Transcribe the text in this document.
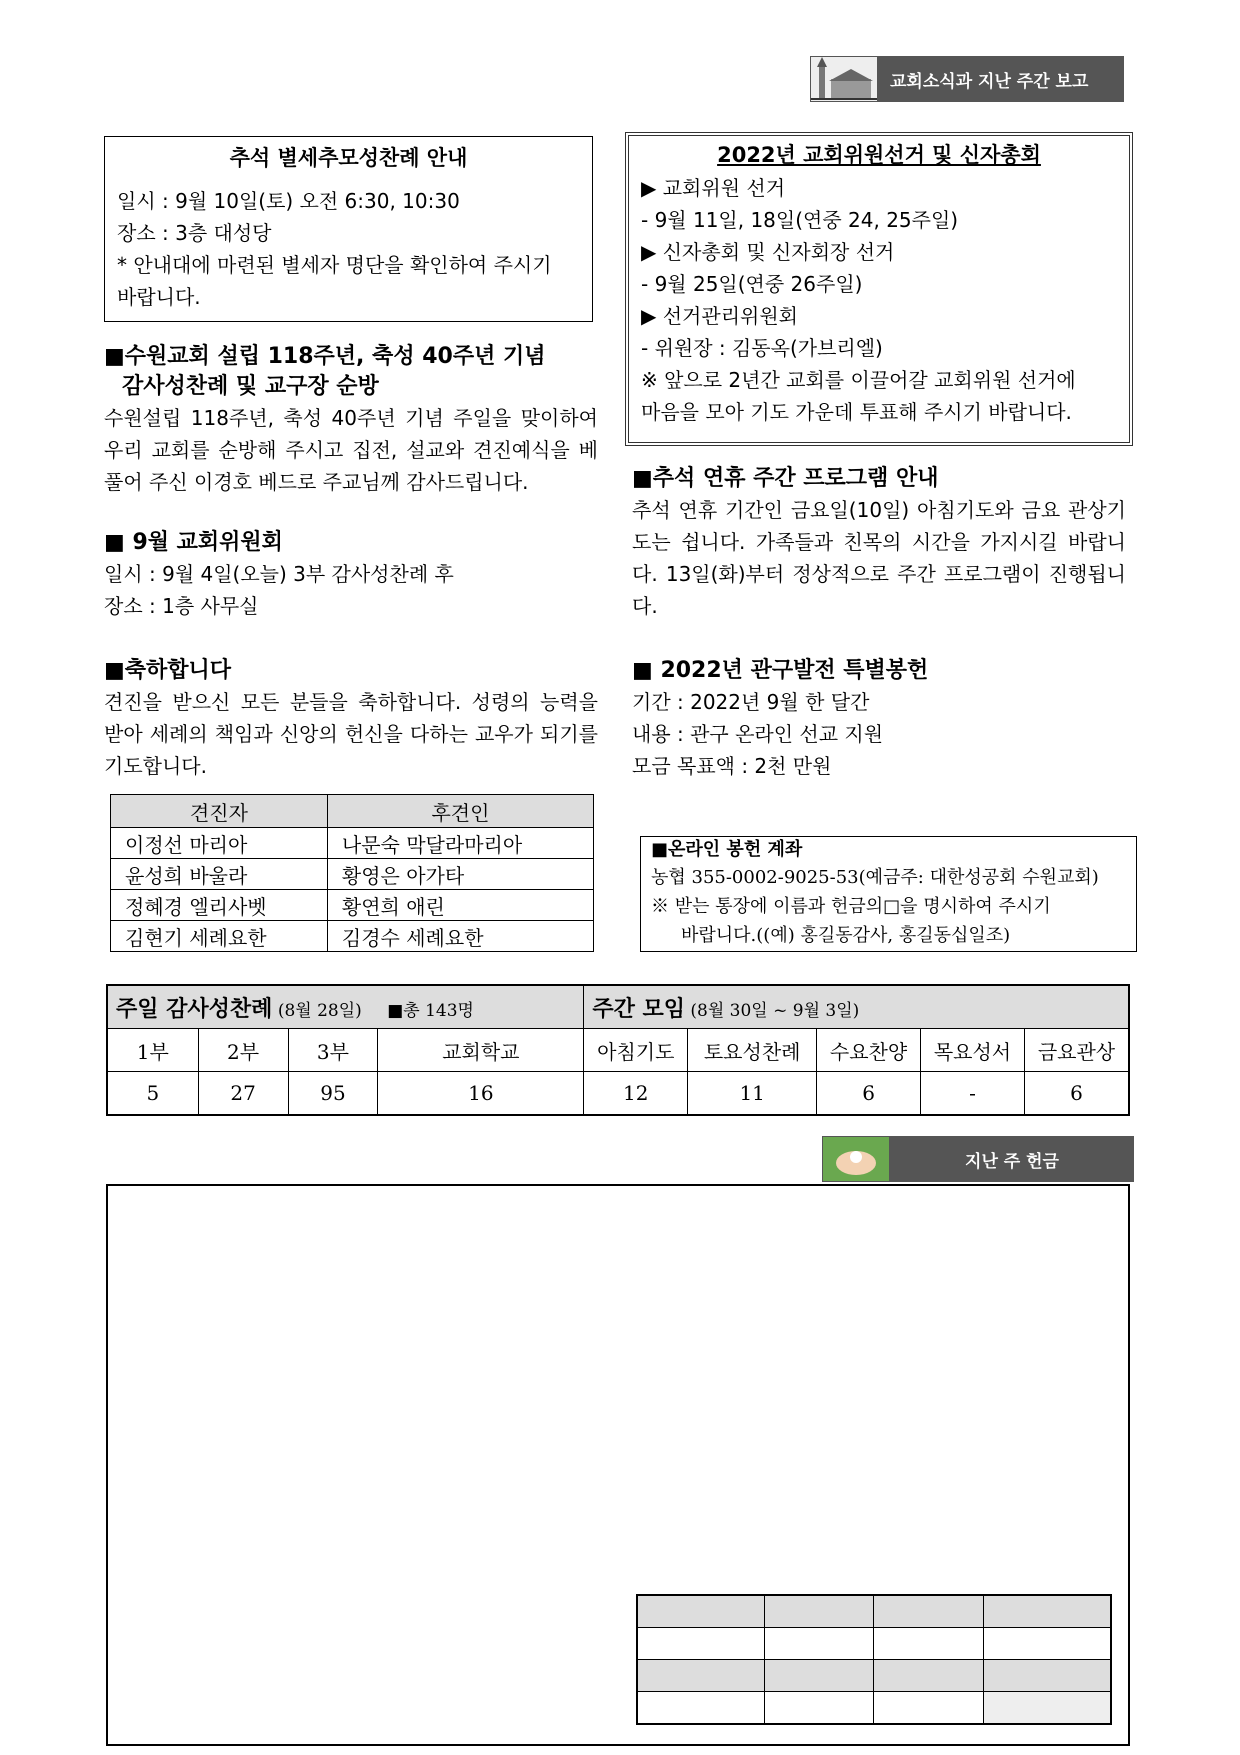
교회소식과 지난 주간 보고
추석 별세추모성찬례 안내
일시 : 9월 10일(토) 오전 6:30, 10:30
장소 : 3층 대성당
* 안내대에 마련된 별세자 명단을 확인하여 주시기
바랍니다.
2022년 교회위원선거 및 신자총회
▶ 교회위원 선거
- 9월 11일, 18일(연중 24, 25주일)
▶ 신자총회 및 신자회장 선거
- 9월 25일(연중 26주일)
▶ 선거관리위원회
- 위원장 : 김동옥(가브리엘)
※ 앞으로 2년간 교회를 이끌어갈 교회위원 선거에
마음을 모아 기도 가운데 투표해 주시기 바랍니다.
■수원교회 설립 118주년, 축성 40주년 기념
감사성찬례 및 교구장 순방
수원설립 118주년, 축성 40주년 기념 주일을 맞이하여 우리 교회를 순방해 주시고 집전, 설교와 견진예식을 베풀어 주신 이경호 베드로 주교님께 감사드립니다.	■추석 연휴 주간 프로그램 안내
추석 연휴 기간인 금요일(10일) 아침기도와 금요 관상기도는 쉽니다. 가족들과 친목의 시간을 가지시길 바랍니다. 13일(화)부터 정상적으로 주간 프로그램이 진행됩니다.
■ 9월 교회위원회
일시 : 9월 4일(오늘) 3부 감사성찬례 후
장소 : 1층 사무실
■축하합니다
견진을 받으신 모든 분들을 축하합니다. 성령의 능력을 받아 세례의 책임과 신앙의 헌신을 다하는 교우가 되기를 기도합니다.
■ 2022년 관구발전 특별봉헌
기간 : 2022년 9월 한 달간
내용 : 관구 온라인 선교 지원
모금 목표액 : 2천 만원
견진자	후견인
이정선 마리아	나문숙 막달라마리아
윤성희 바울라	황영은 아가타
정혜경 엘리사벳	황연희 애린
김현기 세례요한	김경수 세례요한
■온라인 봉헌 계좌
농협 355-0002-9025-53(예금주: 대한성공회 수원교회)
※ 받는 통장에 이름과 헌금의□을 명시하여 주시기
바랍니다.((예) 홍길동감사, 홍길동십일조)
주일 감사성찬례 (8월 28일) ■총 143명				주간 모임 (8월 30일 ~ 9월 3일)				
1부	2부	3부	교회학교	아침기도	토요성찬례	수요찬양	목요성서	금요관상
5	27	95	16	12	11	6	-	6
지난 주 헌금
